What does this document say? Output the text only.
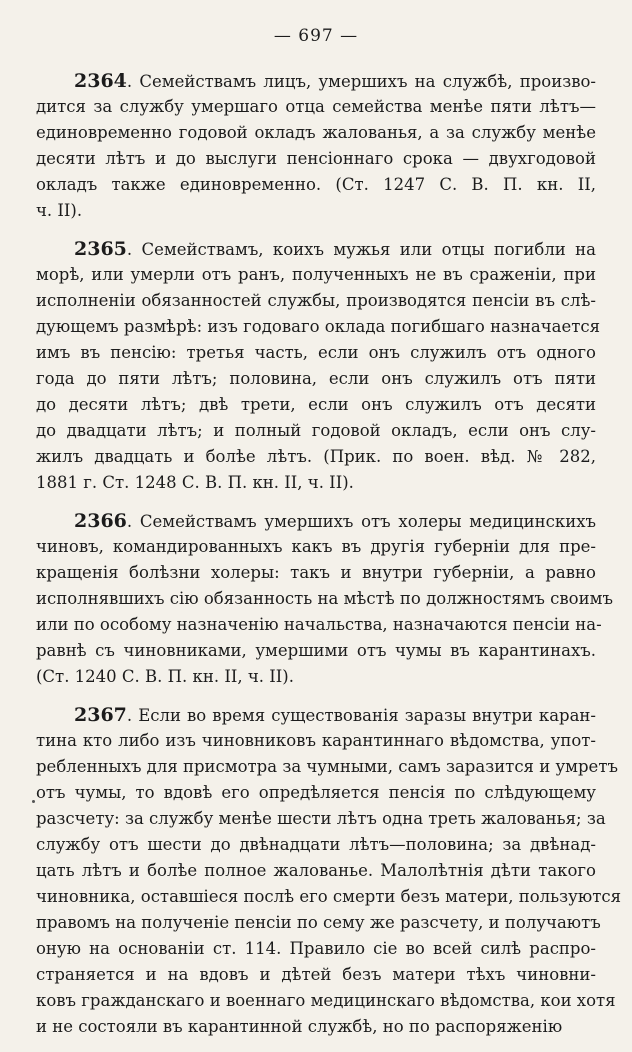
— 697 —
2364. Семействамъ лицъ, умершихъ на службѣ, произво-
дится за службу умершаго отца семейства менѣе пяти лѣтъ—
единовременно годовой окладъ жалованья, а за службу менѣе
десяти лѣтъ и до выслуги пенсіоннаго срока — двухгодовой
окладъ также единовременно. (Ст. 1247 С. В. П. кн. II,
ч. II).
2365. Семействамъ, коихъ мужья или отцы погибли на
морѣ, или умерли отъ ранъ, полученныхъ не въ сраженіи, при
исполненіи обязанностей службы, производятся пенсіи въ слѣ-
дующемъ размѣрѣ: изъ годоваго оклада погибшаго назначается
имъ въ пенсію: третья часть, если онъ служилъ отъ одного
года до пяти лѣтъ; половина, если онъ служилъ отъ пяти
до десяти лѣтъ; двѣ трети, если онъ служилъ отъ десяти
до двадцати лѣтъ; и полный годовой окладъ, если онъ слу-
жилъ двадцать и болѣе лѣтъ. (Прик. по воен. вѣд. № 282,
1881 г. Ст. 1248 С. В. П. кн. II, ч. II).
2366. Семействамъ умершихъ отъ холеры медицинскихъ
чиновъ, командированныхъ какъ въ другія губерніи для пре-
кращенія болѣзни холеры: такъ и внутри губерніи, а равно
исполнявшихъ сію обязанность на мѣстѣ по должностямъ своимъ
или по особому назначенію начальства, назначаются пенсіи на-
равнѣ съ чиновниками, умершими отъ чумы въ карантинахъ.
(Ст. 1240 С. В. П. кн. II, ч. II).
2367. Если во время существованія заразы внутри каран-
тина кто либо изъ чиновниковъ карантиннаго вѣдомства, упот-
ребленныхъ для присмотра за чумными, самъ заразится и умретъ
отъ чумы, то вдовѣ его опредѣляется пенсія по слѣдующему
разсчету: за службу менѣе шести лѣтъ одна треть жалованья; за
службу отъ шести до двѣнадцати лѣтъ—половина; за двѣнад-
цать лѣтъ и болѣе полное жалованье. Малолѣтнія дѣти такого
чиновника, оставшіеся послѣ его смерти безъ матери, пользуются
правомъ на полученіе пенсіи по сему же разсчету, и получаютъ
оную на основаніи ст. 114. Правило сіе во всей силѣ распро-
страняется и на вдовъ и дѣтей безъ матери тѣхъ чиновни-
ковъ гражданскаго и военнаго медицинскаго вѣдомства, кои хотя
и не состояли въ карантинной службѣ, но по распоряженію
